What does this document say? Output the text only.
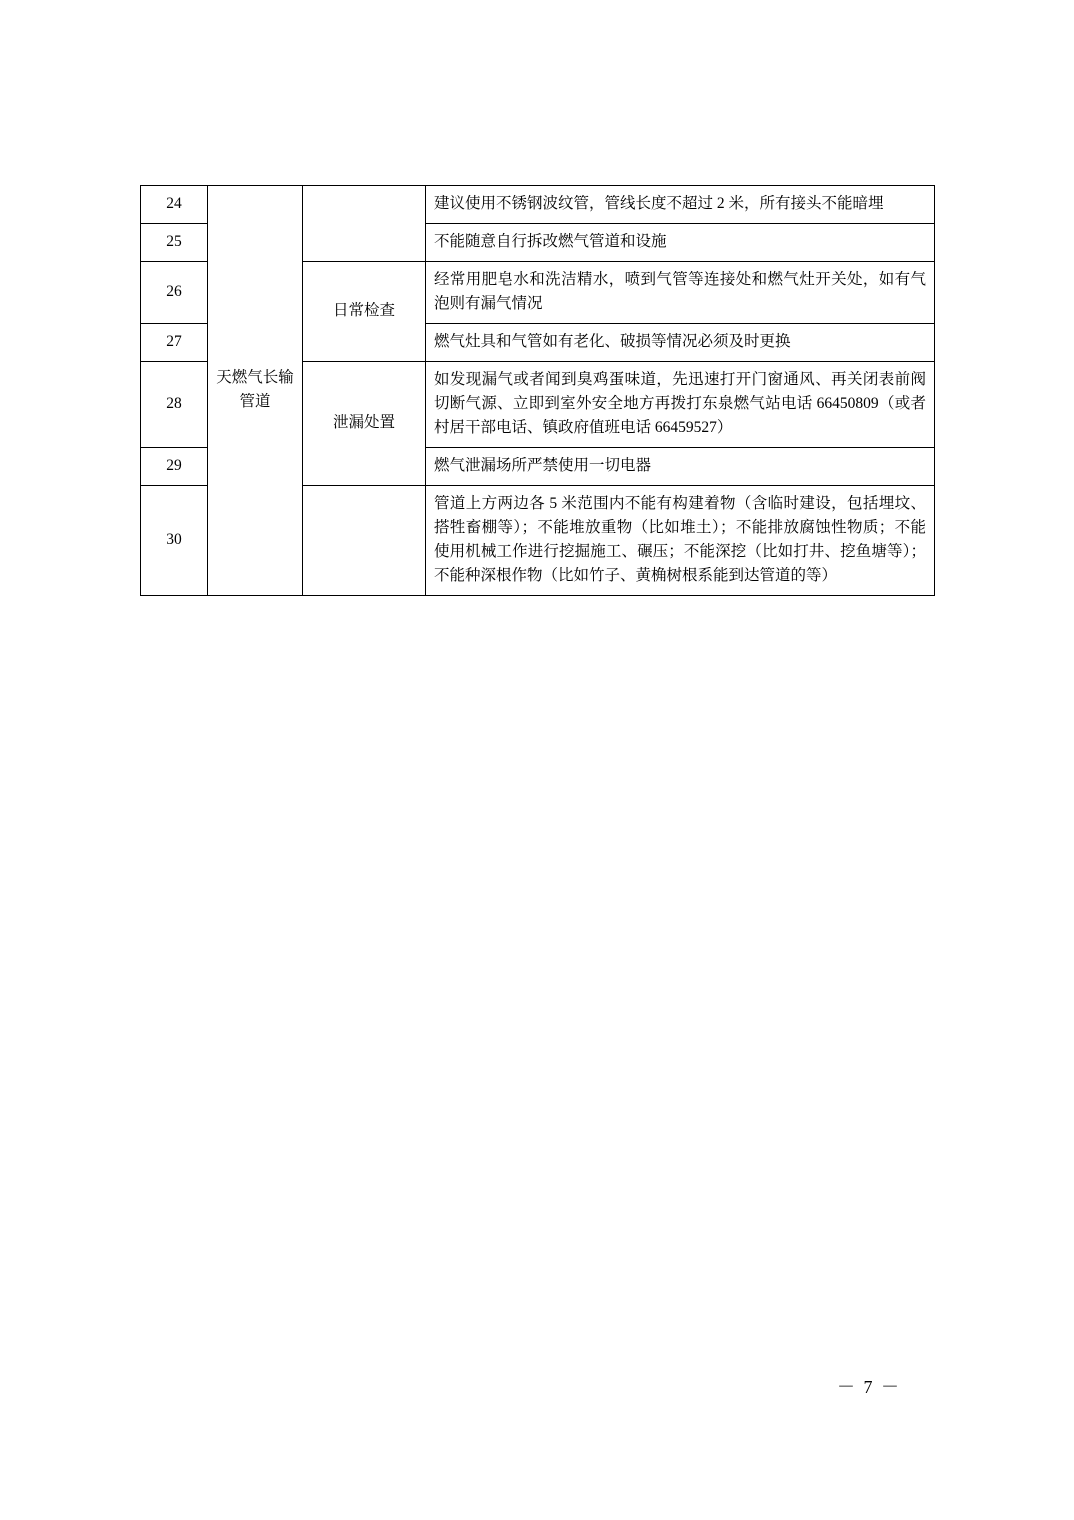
24	天燃气长输管道		建议使用不锈钢波纹管，管线长度不超过 2 米，所有接头不能暗埋

25			不能随意自行拆改燃气管道和设施

26		日常检查	经常用肥皂水和洗洁精水，喷到气管等连接处和燃气灶开关处，如有气泡则有漏气情况

27			燃气灶具和气管如有老化、破损等情况必须及时更换

28		泄漏处置	如发现漏气或者闻到臭鸡蛋味道，先迅速打开门窗通风、再关闭表前阀切断气源、立即到室外安全地方再拨打东泉燃气站电话 66450809（或者村居干部电话、镇政府值班电话 66459527）

29			燃气泄漏场所严禁使用一切电器

30			管道上方两边各 5 米范围内不能有构建着物（含临时建设，包括埋坟、搭牲畜棚等）；不能堆放重物（比如堆土）；不能排放腐蚀性物质；不能使用机械工作进行挖掘施工、碾压；不能深挖（比如打井、挖鱼塘等）；不能种深根作物（比如竹子、黄桷树根系能到达管道的等）
－ 7 －
